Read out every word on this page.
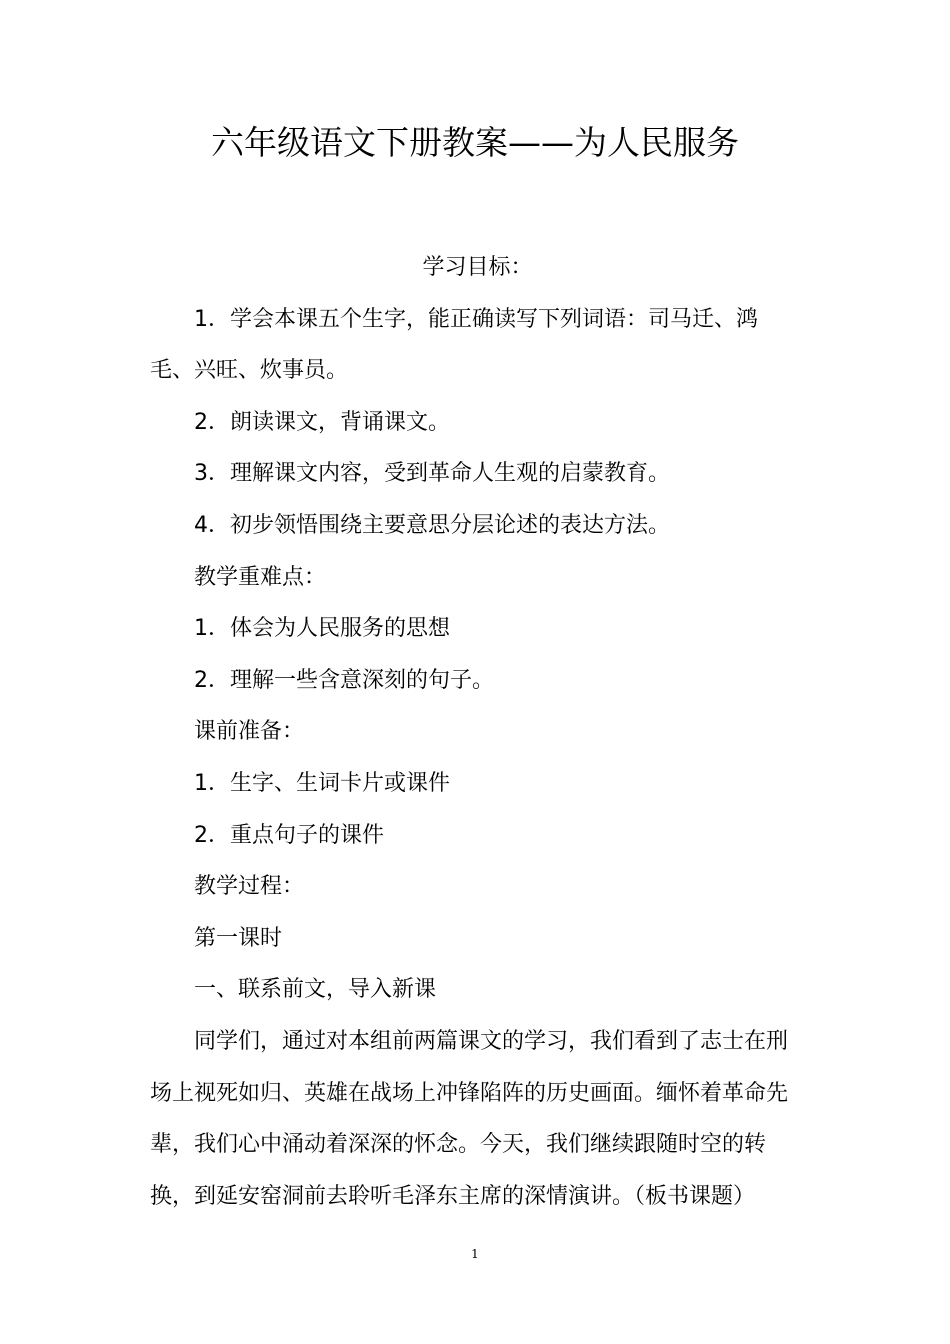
六年级语文下册教案——为人民服务
学习目标：
1．学会本课五个生字，能正确读写下列词语：司马迁、鸿
毛、兴旺、炊事员。
2．朗读课文，背诵课文。
3．理解课文内容，受到革命人生观的启蒙教育。
4．初步领悟围绕主要意思分层论述的表达方法。
教学重难点：
1．体会为人民服务的思想
2．理解一些含意深刻的句子。
课前准备：
1．生字、生词卡片或课件
2．重点句子的课件
教学过程：
第一课时
一、联系前文，导入新课
同学们，通过对本组前两篇课文的学习，我们看到了志士在刑
场上视死如归、英雄在战场上冲锋陷阵的历史画面。缅怀着革命先
辈，我们心中涌动着深深的怀念。今天，我们继续跟随时空的转
换，到延安窑洞前去聆听毛泽东主席的深情演讲。（板书课题）
1
